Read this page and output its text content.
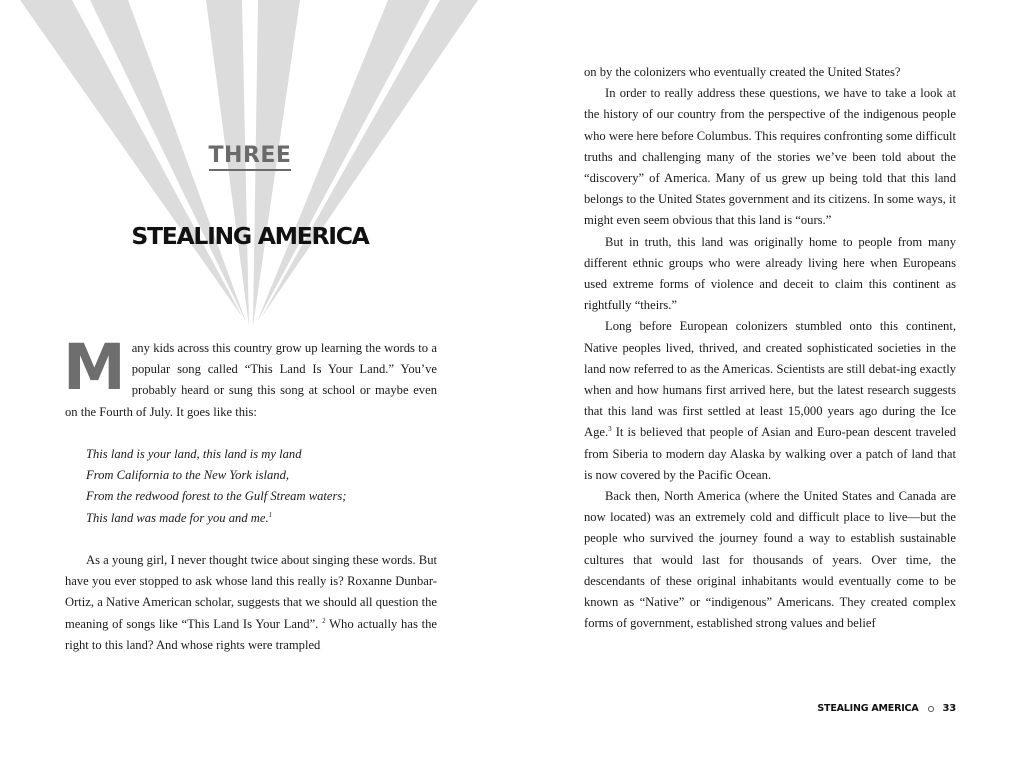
THREE
STEALING AMERICA
M any kids across this country grow up learning the words to a popular song called “This Land Is Your Land.” You’ve probably heard or sung this song at school or maybe even on the Fourth of July. It goes like this:

This land is your land, this land is my land

From California to the New York island,

From the redwood forest to the Gulf Stream waters;

This land was made for you and me.$^1$

As a young girl, I never thought twice about singing these words. But have you ever stopped to ask whose land this really is? Roxanne Dunbar-Ortiz, a Native American scholar, suggests that we should all question the meaning of songs like “This Land Is Your Land”. $^2$ Who actually has the right to this land? And whose rights were trampled

on by the colonizers who eventually created the United States?

In order to really address these questions, we have to take a look at the history of our country from the perspective of the indigenous people who were here before Columbus. This requires confronting some difficult truths and challenging many of the stories we’ve been told about the “discovery” of America. Many of us grew up being told that this land belongs to the United States government and its citizens. In some ways, it might even seem obvious that this land is “ours.”

But in truth, this land was originally home to people from many different ethnic groups who were already living here when Europeans used extreme forms of violence and deceit to claim this continent as rightfully “theirs.”

Long before European colonizers stumbled onto this continent, Native peoples lived, thrived, and created sophisticated societies in the land now referred to as the Americas. Scientists are still debat-ing exactly when and how humans first arrived here, but the latest research suggests that this land was first settled at least 15,000 years ago during the Ice Age.$^3$ It is believed that people of Asian and Euro-pean descent traveled from Siberia to modern day Alaska by walking over a patch of land that is now covered by the Pacific Ocean.

Back then, North America (where the United States and Canada are now located) was an extremely cold and difficult place to live—but the people who survived the journey found a way to establish sustainable cultures that would last for thousands of years. Over time, the descendants of these original inhabitants would eventually come to be known as “Native” or “indigenous” Americans. They created complex forms of government, established strong values and belief

STEALING AMERICA 33
